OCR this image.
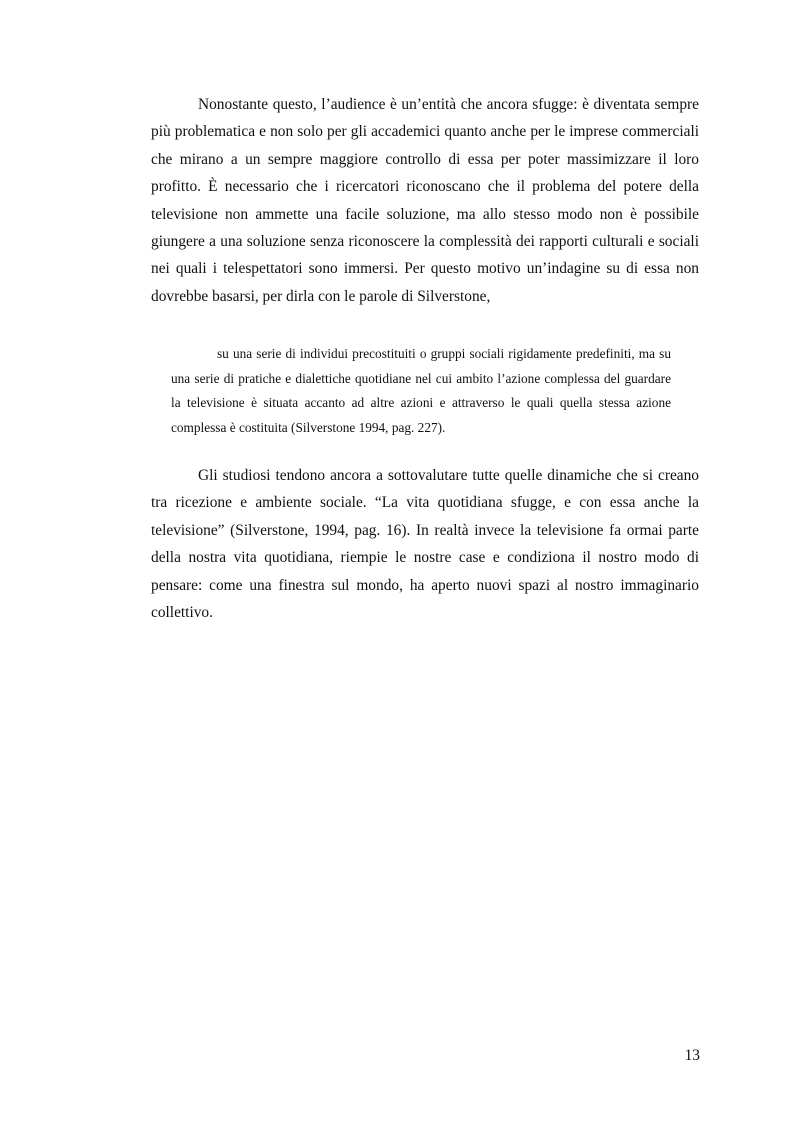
Nonostante questo, l’audience è un’entità che ancora sfugge: è diventata sempre più problematica e non solo per gli accademici quanto anche per le imprese commerciali che mirano a un sempre maggiore controllo di essa per poter massimizzare il loro profitto. È necessario che i ricercatori riconoscano che il problema del potere della televisione non ammette una facile soluzione, ma allo stesso modo non è possibile giungere a una soluzione senza riconoscere la complessità dei rapporti culturali e sociali nei quali i telespettatori sono immersi. Per questo motivo un’indagine su di essa non dovrebbe basarsi, per dirla con le parole di Silverstone,

su una serie di individui precostituiti o gruppi sociali rigidamente predefiniti, ma su una serie di pratiche e dialettiche quotidiane nel cui ambito l’azione complessa del guardare la televisione è situata accanto ad altre azioni e attraverso le quali quella stessa azione complessa è costituita (Silverstone 1994, pag. 227).

Gli studiosi tendono ancora a sottovalutare tutte quelle dinamiche che si creano tra ricezione e ambiente sociale. “La vita quotidiana sfugge, e con essa anche la televisione” (Silverstone, 1994, pag. 16). In realtà invece la televisione fa ormai parte della nostra vita quotidiana, riempie le nostre case e condiziona il nostro modo di pensare: come una finestra sul mondo, ha aperto nuovi spazi al nostro immaginario collettivo.

13
